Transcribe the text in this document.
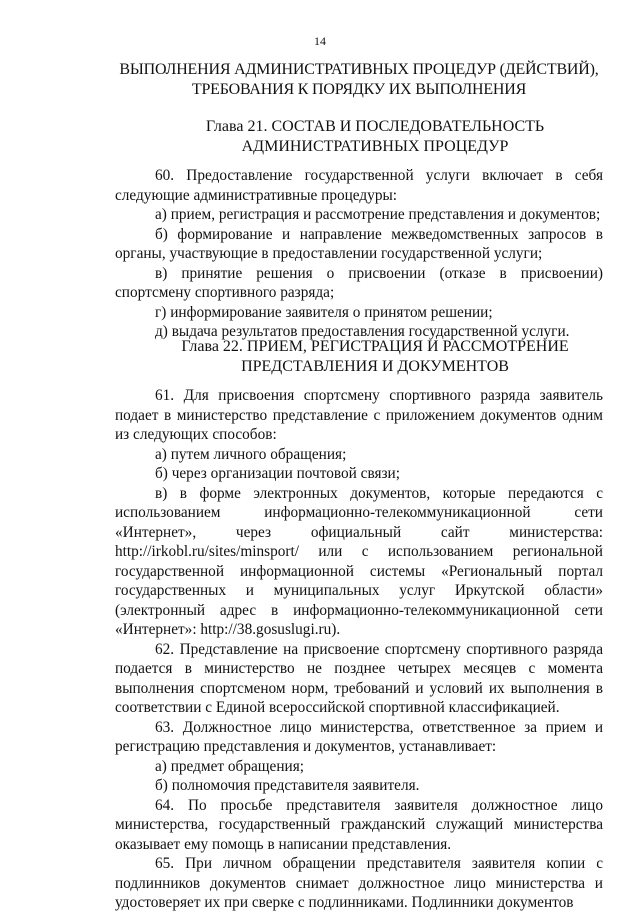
14
ВЫПОЛНЕНИЯ АДМИНИСТРАТИВНЫХ ПРОЦЕДУР (ДЕЙСТВИЙ),
ТРЕБОВАНИЯ К ПОРЯДКУ ИХ ВЫПОЛНЕНИЯ
Глава 21. СОСТАВ И ПОСЛЕДОВАТЕЛЬНОСТЬ
АДМИНИСТРАТИВНЫХ ПРОЦЕДУР

60. Предоставление государственной услуги включает в себя следующие административные процедуры:

а) прием, регистрация и рассмотрение представления и документов;

б) формирование и направление межведомственных запросов в органы, участвующие в предоставлении государственной услуги;

в) принятие решения о присвоении (отказе в присвоении) спортсмену спортивного разряда;

г) информирование заявителя о принятом решении;

д) выдача результатов предоставления государственной услуги.

Глава 22. ПРИЕМ, РЕГИСТРАЦИЯ И РАССМОТРЕНИЕ
ПРЕДСТАВЛЕНИЯ И ДОКУМЕНТОВ

61. Для присвоения спортсмену спортивного разряда заявитель подает в министерство представление с приложением документов одним из следующих способов:

а) путем личного обращения;

б) через организации почтовой связи;

в) в форме электронных документов, которые передаются с использованием информационно-телекоммуникационной сети «Интернет», через официальный сайт министерства: http://irkobl.ru/sites/minsport/ или с использованием региональной государственной информационной системы «Региональный портал государственных и муниципальных услуг Иркутской области» (электронный адрес в информационно-телекоммуникационной сети «Интернет»: http://38.gosuslugi.ru).

62. Представление на присвоение спортсмену спортивного разряда подается в министерство не позднее четырех месяцев с момента выполнения спортсменом норм, требований и условий их выполнения в соответствии с Единой всероссийской спортивной классификацией.

63. Должностное лицо министерства, ответственное за прием и регистрацию представления и документов, устанавливает:

а) предмет обращения;

б) полномочия представителя заявителя.

64. По просьбе представителя заявителя должностное лицо министерства, государственный гражданский служащий министерства оказывает ему помощь в написании представления.

65. При личном обращении представителя заявителя копии с подлинников документов снимает должностное лицо министерства и удостоверяет их при сверке с подлинниками. Подлинники документов
